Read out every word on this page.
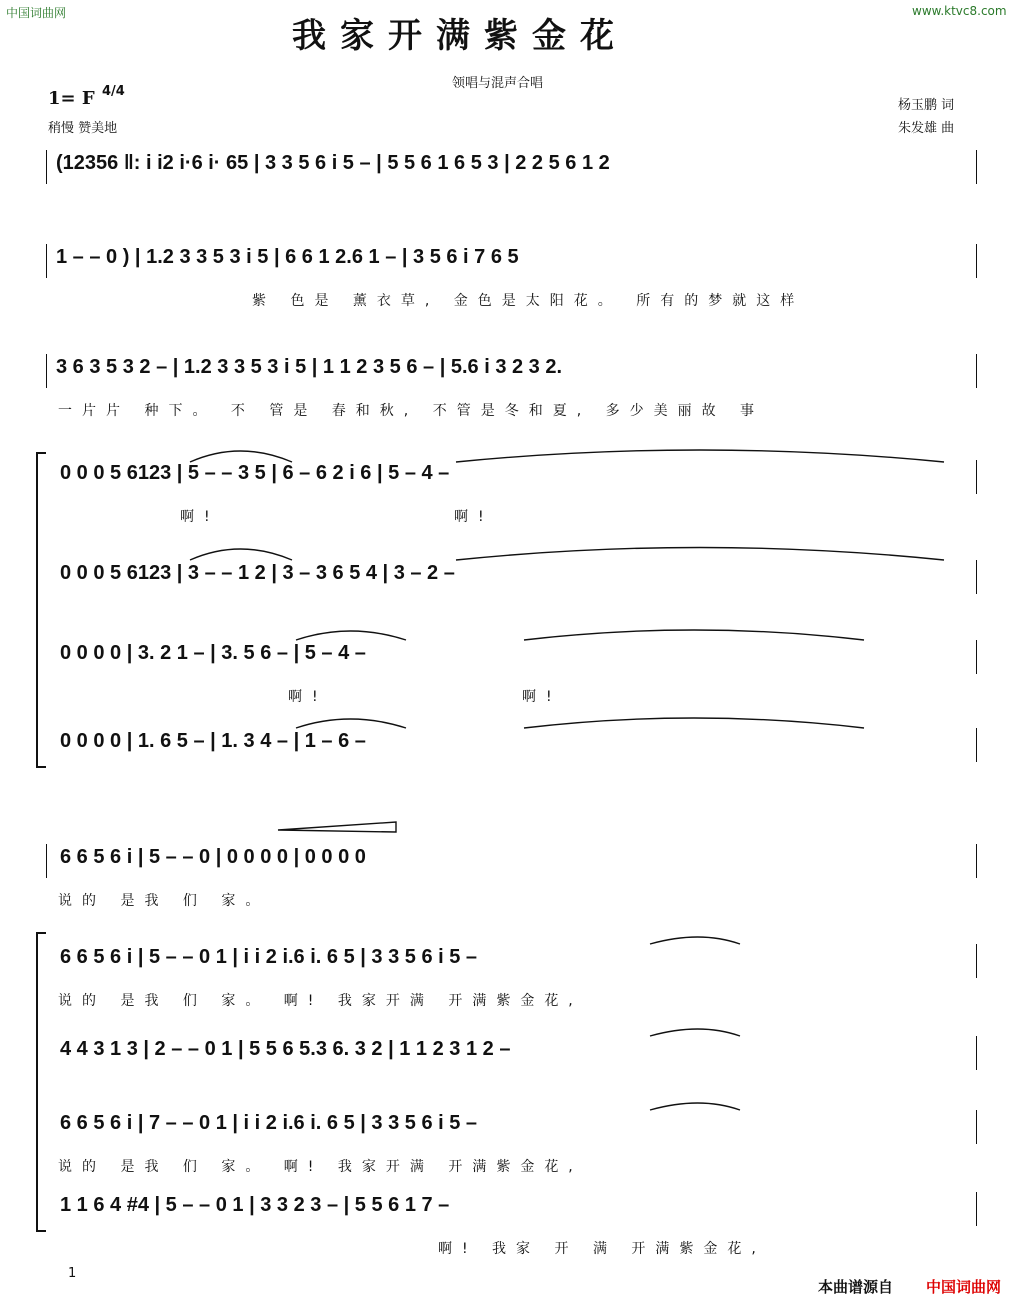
中国词曲网	www.ktvc8.com
我家开满紫金花
领唱与混声合唱
1= F 4/4
稍慢 赞美地
杨玉鹏 词
朱发雄 曲
(12356 ‖: i i2 i·6 i· 65 | 3 3 5 6 i 5 – | 5 5 6 1 6 5 3 | 2 2 5 6 1 2
1 – – 0 ) | 1.2 3 3 5 3 i 5 | 6 6 1 2.6 1 – | 3 5 6 i 7 6 5
紫 色是 薰衣草, 金色是太阳花。 所有的梦就这样
3 6 3 5 3 2 – | 1.2 3 3 5 3 i 5 | 1 1 2 3 5 6 – | 5.6 i 3 2 3 2.
一片片 种下。 不 管是 春和秋, 不管是冬和夏, 多少美丽故 事
0 0 0 5 6123 | 5 – – 3 5 | 6 – 6 2 i 6 | 5 – 4 –
啊! 啊!
0 0 0 5 6123 | 3 – – 1 2 | 3 – 3 6 5 4 | 3 – 2 –
0 0 0 0 | 3. 2 1 – | 3. 5 6 – | 5 – 4 –
啊! 啊!
0 0 0 0 | 1. 6 5 – | 1. 3 4 – | 1 – 6 –
6 6 5 6 i | 5 – – 0 | 0 0 0 0 | 0 0 0 0
说的 是我 们 家。
6 6 5 6 i | 5 – – 0 1 | i i 2 i.6 i. 6 5 | 3 3 5 6 i 5 –
说的 是我 们 家。 啊! 我家开满 开满紫金花,
4 4 3 1 3 | 2 – – 0 1 | 5 5 6 5.3 6. 3 2 | 1 1 2 3 1 2 –
6 6 5 6 i | 7 – – 0 1 | i i 2 i.6 i. 6 5 | 3 3 5 6 i 5 –
说的 是我 们 家。 啊! 我家开满 开满紫金花,
1 1 6 4 #4 | 5 – – 0 1 | 3 3 2 3 – | 5 5 6 1 7 –
啊! 我家 开 满 开满紫金花,
1
本曲谱源自 中国词曲网
